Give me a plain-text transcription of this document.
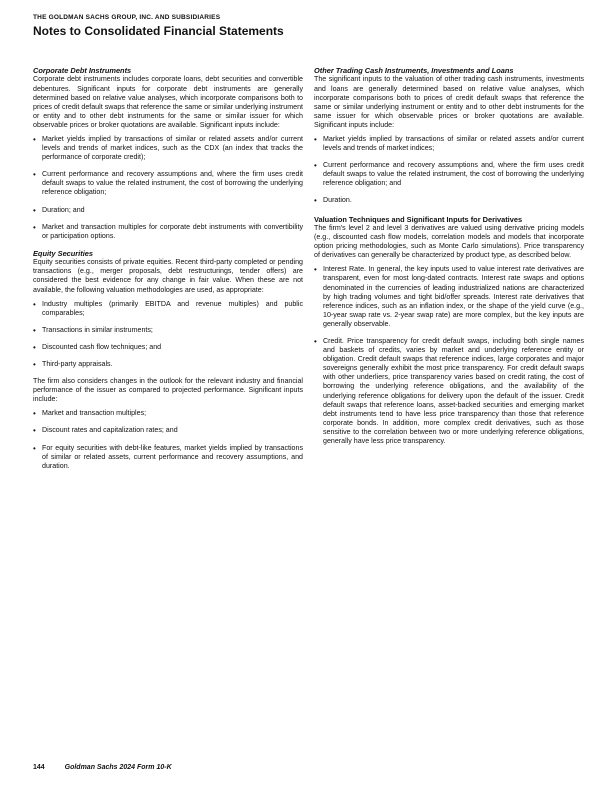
THE GOLDMAN SACHS GROUP, INC. AND SUBSIDIARIES
Notes to Consolidated Financial Statements

Corporate Debt Instruments

Corporate debt instruments includes corporate loans, debt securities and convertible debentures. Significant inputs for corporate debt instruments are generally determined based on relative value analyses, which incorporate comparisons both to prices of credit default swaps that reference the same or similar underlying instrument or entity and to other debt instruments for the same or similar issuer for which observable prices or broker quotations are available. Significant inputs include:

• Market yields implied by transactions of similar or related assets and/or current levels and trends of market indices, such as the CDX (an index that tracks the performance of corporate credit);
• Current performance and recovery assumptions and, where the firm uses credit default swaps to value the related instrument, the cost of borrowing the underlying reference obligation;
• Duration; and
• Market and transaction multiples for corporate debt instruments with convertibility or participation options.

Equity Securities

Equity securities consists of private equities. Recent third-party completed or pending transactions (e.g., merger proposals, debt restructurings, tender offers) are considered the best evidence for any change in fair value. When these are not available, the following valuation methodologies are used, as appropriate:

• Industry multiples (primarily EBITDA and revenue multiples) and public comparables;
• Transactions in similar instruments;
• Discounted cash flow techniques; and
• Third-party appraisals.

The firm also considers changes in the outlook for the relevant industry and financial performance of the issuer as compared to projected performance. Significant inputs include:

• Market and transaction multiples;
• Discount rates and capitalization rates; and
• For equity securities with debt-like features, market yields implied by transactions of similar or related assets, current performance and recovery assumptions, and duration.

Other Trading Cash Instruments, Investments and Loans

The significant inputs to the valuation of other trading cash instruments, investments and loans are generally determined based on relative value analyses, which incorporate comparisons both to prices of credit default swaps that reference the same or similar underlying instrument or entity and to other debt instruments for the same issuer for which observable prices or broker quotations are available. Significant inputs include:

• Market yields implied by transactions of similar or related assets and/or current levels and trends of market indices;
• Current performance and recovery assumptions and, where the firm uses credit default swaps to value the related instrument, the cost of borrowing the underlying reference obligation; and
• Duration.

Valuation Techniques and Significant Inputs for Derivatives

The firm's level 2 and level 3 derivatives are valued using derivative pricing models (e.g., discounted cash flow models, correlation models and models that incorporate option pricing methodologies, such as Monte Carlo simulations). Price transparency of derivatives can generally be characterized by product type, as described below.

• Interest Rate. In general, the key inputs used to value interest rate derivatives are transparent, even for most long-dated contracts. Interest rate swaps and options denominated in the currencies of leading industrialized nations are characterized by high trading volumes and tight bid/offer spreads. Interest rate derivatives that reference indices, such as an inflation index, or the shape of the yield curve (e.g., 10-year swap rate vs. 2-year swap rate) are more complex, but the key inputs are generally observable.
• Credit. Price transparency for credit default swaps, including both single names and baskets of credits, varies by market and underlying reference entity or obligation. Credit default swaps that reference indices, large corporates and major sovereigns generally exhibit the most price transparency. For credit default swaps with other underliers, price transparency varies based on credit rating, the cost of borrowing the underlying reference obligations, and the availability of the underlying reference obligations for delivery upon the default of the issuer. Credit default swaps that reference loans, asset-backed securities and emerging market debt instruments tend to have less price transparency than those that reference corporate bonds. In addition, more complex credit derivatives, such as those sensitive to the correlation between two or more underlying reference obligations, generally have less price transparency.
144	Goldman Sachs 2024 Form 10-K
